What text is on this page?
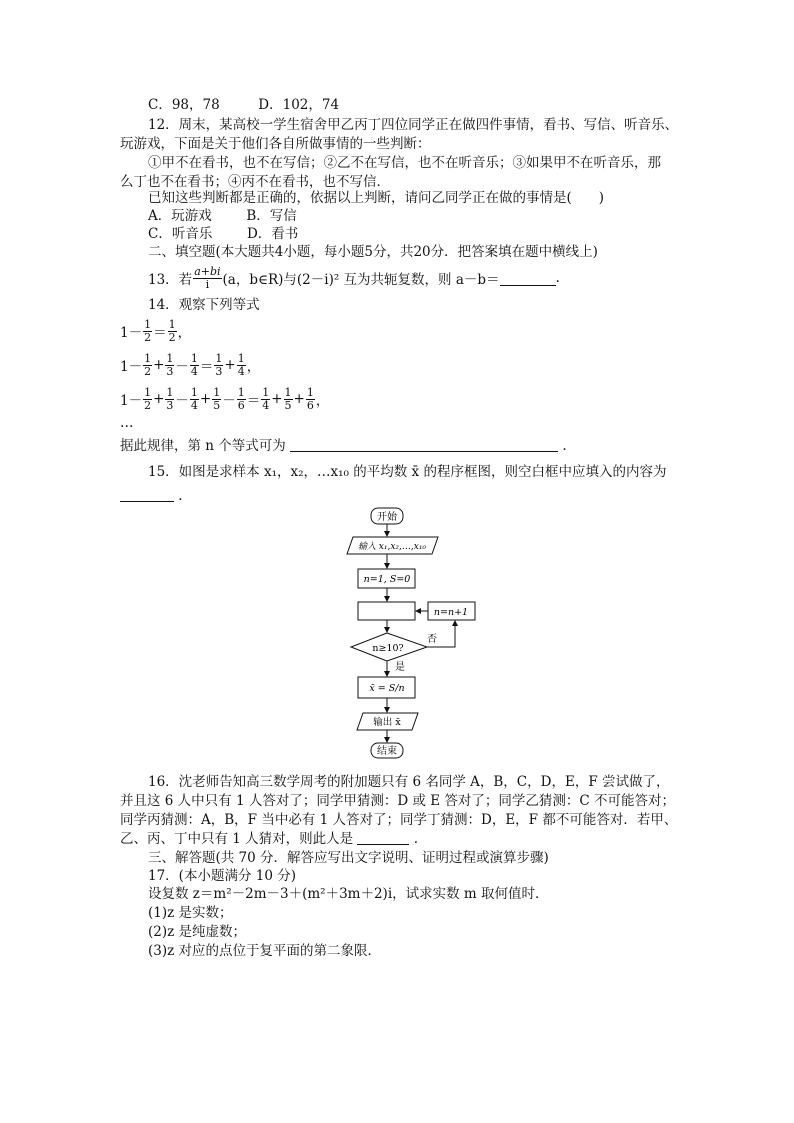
C．98，78	D．102，74
12．周末，某高校一学生宿舍甲乙丙丁四位同学正在做四件事情，看书、写信、听音乐、
玩游戏，下面是关于他们各自所做事情的一些判断：
①甲不在看书，也不在写信；②乙不在写信，也不在听音乐；③如果甲不在听音乐，那
么丁也不在看书；④丙不在看书，也不写信．
已知这些判断都是正确的，依据以上判断，请问乙同学正在做的事情是(　　)
A．玩游戏	B．写信
C．听音乐	D．看书
二、填空题(本大题共4小题，每小题5分，共20分．把答案填在题中横线上)
13．若 $\frac{a+bi}{i} (a$，b∈R)与(2－i)² 互为共轭复数，则 a－b＝	.
14．观察下列等式
$1- \frac{1}{2} = \frac{1}{2}$ ，
$1- \frac{1}{2} + \frac{1}{3} - \frac{1}{4} = \frac{1}{3} + \frac{1}{4}$ ，
$1- \frac{1}{2} + \frac{1}{3} - \frac{1}{4} + \frac{1}{5} - \frac{1}{6} = \frac{1}{4} + \frac{1}{5} + \frac{1}{6}$ ，
…
据此规律，第 n 个等式可为	.
15．如图是求样本 x₁，x₂，…x₁₀ 的平均数 x̄ 的程序框图，则空白框中应填入的内容为
.
开始
输入 x₁,x₂,…,x₁₀
n=1, S=0
n≥10?
否
n=n+1
是
x̄ = S/n
输出 x̄
结束
16．沈老师告知高三数学周考的附加题只有 6 名同学 A，B，C，D，E，F 尝试做了，
并且这 6 人中只有 1 人答对了；同学甲猜测：D 或 E 答对了；同学乙猜测：C 不可能答对；
同学丙猜测：A，B，F 当中必有 1 人答对了；同学丁猜测：D，E，F 都不可能答对．若甲、
乙、丙、丁中只有 1 人猜对，则此人是	.
三、解答题(共 70 分．解答应写出文字说明、证明过程或演算步骤)
17．(本小题满分 10 分)
设复数 z＝m²－2m－3＋(m²＋3m＋2)i，试求实数 m 取何值时．
(1)z 是实数；
(2)z 是纯虚数；
(3)z 对应的点位于复平面的第二象限．
